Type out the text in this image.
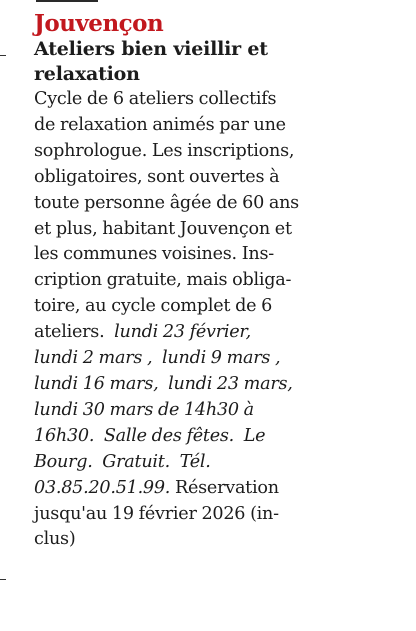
Jouvençon
Ateliers bien vieillir et relaxation
Cycle de 6 ateliers collectifs
de relaxation animés par une
sophrologue. Les inscriptions,
obligatoires, sont ouvertes à
toute personne âgée de 60 ans
et plus, habitant Jouvençon et
les communes voisines. Ins-
cription gratuite, mais obliga-
toire, au cycle complet de 6
ateliers.  lundi 23 février,
lundi 2 mars ,  lundi 9 mars ,
lundi 16 mars,  lundi 23 mars,
lundi 30 mars de 14h30 à
16h30.  Salle des fêtes.  Le
Bourg.  Gratuit.  Tél.
03.85.20.51.99. Réservation
jusqu'au 19 février 2026 (in-
clus)
